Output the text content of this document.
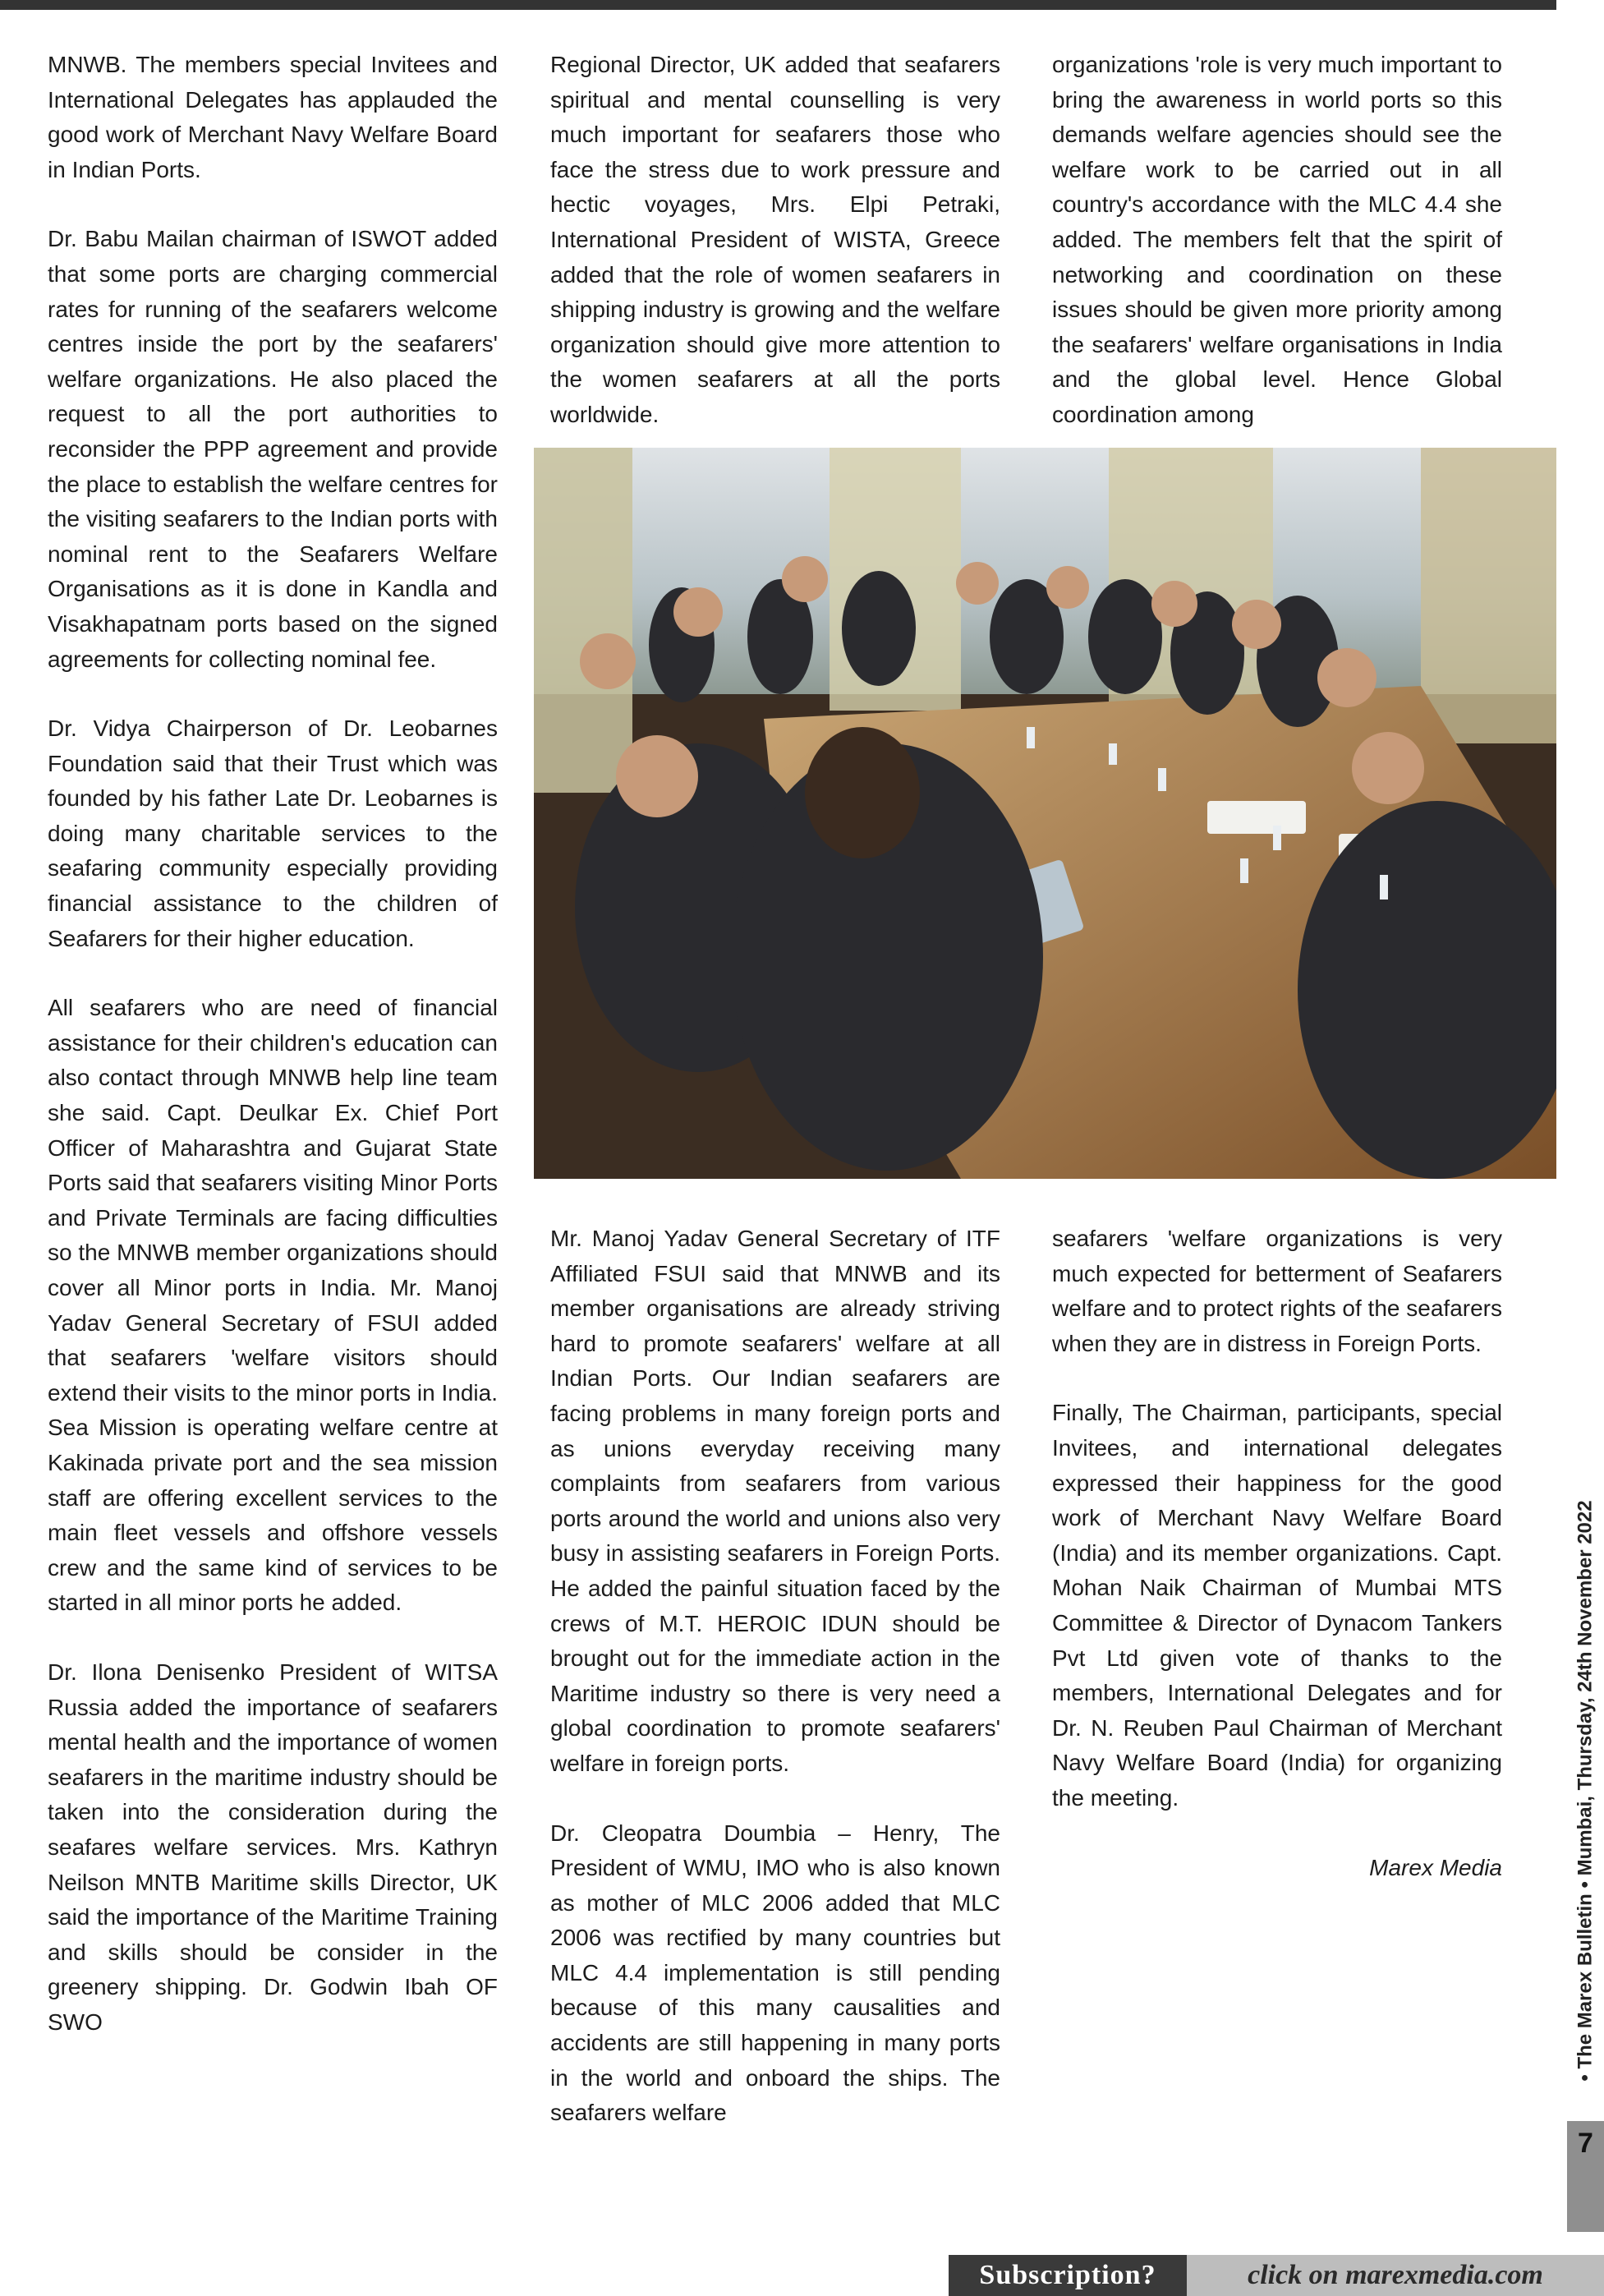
MNWB. The members special Invitees and International Delegates has applauded the good work of Merchant Navy Welfare Board in Indian Ports.

Dr. Babu Mailan chairman of ISWOT added that some ports are charging commercial rates for running of the seafarers welcome centres inside the port by the seafarers' welfare organizations. He also placed the request to all the port authorities to reconsider the PPP agreement and provide the place to establish the welfare centres for the visiting seafarers to the Indian ports with nominal rent to the Seafarers Welfare Organisations as it is done in Kandla and Visakhapatnam ports based on the signed agreements for collecting nominal fee.

Dr. Vidya Chairperson of Dr. Leobarnes Foundation said that their Trust which was founded by his father Late Dr. Leobarnes is doing many charitable services to the seafaring community especially providing financial assistance to the children of Seafarers for their higher education.

All seafarers who are need of financial assistance for their children's education can also contact through MNWB help line team she said. Capt. Deulkar Ex. Chief Port Officer of Maharashtra and Gujarat State Ports said that seafarers visiting Minor Ports and Private Terminals are facing difficulties so the MNWB member organizations should cover all Minor ports in India. Mr. Manoj Yadav General Secretary of FSUI added that seafarers 'welfare visitors should extend their visits to the minor ports in India. Sea Mission is operating welfare centre at Kakinada private port and the sea mission staff are offering excellent services to the main fleet vessels and offshore vessels crew and the same kind of services to be started in all minor ports he added.

Dr. Ilona Denisenko President of WITSA Russia added the importance of seafarers mental health and the importance of women seafarers in the maritime industry should be taken into the consideration during the seafares welfare services. Mrs. Kathryn Neilson MNTB Maritime skills Director, UK said the importance of the Maritime Training and skills should be consider in the greenery shipping. Dr. Godwin Ibah OF SWO

Regional Director, UK added that seafarers spiritual and mental counselling is very much important for seafarers those who face the stress due to work pressure and hectic voyages, Mrs. Elpi Petraki, International President of WISTA, Greece added that the role of women seafarers in shipping industry is growing and the welfare organization should give more attention to the women seafarers at all the ports worldwide.

organizations 'role is very much important to bring the awareness in world ports so this demands welfare agencies should see the welfare work to be carried out in all country's accordance with the MLC 4.4 she added. The members felt that the spirit of networking and coordination on these issues should be given more priority among the seafarers' welfare organisations in India and the global level. Hence Global coordination among

Mr. Manoj Yadav General Secretary of ITF Affiliated FSUI said that MNWB and its member organisations are already striving hard to promote seafarers' welfare at all Indian Ports. Our Indian seafarers are facing problems in many foreign ports and as unions everyday receiving many complaints from seafarers from various ports around the world and unions also very busy in assisting seafarers in Foreign Ports. He added the painful situation faced by the crews of M.T. HEROIC IDUN should be brought out for the immediate action in the Maritime industry so there is very need a global coordination to promote seafarers' welfare in foreign ports.

Dr. Cleopatra Doumbia – Henry, The President of WMU, IMO who is also known as mother of MLC 2006 added that MLC 2006 was rectified by many countries but MLC 4.4 implementation is still pending because of this many causalities and accidents are still happening in many ports in the world and onboard the ships. The seafarers welfare

seafarers 'welfare organizations is very much expected for betterment of Seafarers welfare and to protect rights of the seafarers when they are in distress in Foreign Ports.

Finally, The Chairman, participants, special Invitees, and international delegates expressed their happiness for the good work of Merchant Navy Welfare Board (India) and its member organizations. Capt. Mohan Naik Chairman of Mumbai MTS Committee & Director of Dynacom Tankers Pvt Ltd given vote of thanks to the members, International Delegates and for Dr. N. Reuben Paul Chairman of Merchant Navy Welfare Board (India) for organizing the meeting.

Marex Media	• The Marex Bulletin • Mumbai, Thursday, 24th November 2022
7
Subscription?	click on marexmedia.com
